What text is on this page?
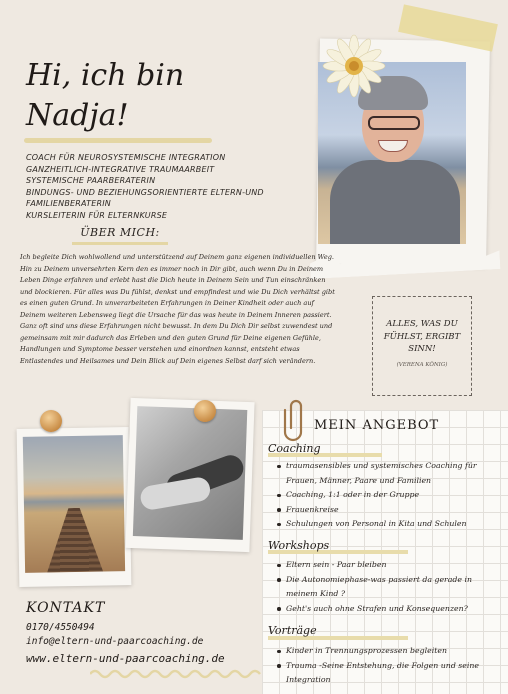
Hi, ich bin
Nadja!
COACH FÜR NEUROSYSTEMISCHE INTEGRATION
GANZHEITLICH-INTEGRATIVE TRAUMAARBEIT
SYSTEMISCHE PAARBERATERIN
BINDUNGS- UND BEZIEHUNGSORIENTIERTE ELTERN-UND FAMILIENBERATERIN
KURSLEITERIN FÜR ELTERNKURSE
ÜBER MICH:
Ich begleite Dich wohlwollend und unterstützend auf Deinem ganz eigenen individuellen Weg. Hin zu Deinem unversehrten Kern den es immer noch in Dir gibt, auch wenn Du in Deinem Leben Dinge erfahren und erlebt hast die Dich heute in Deinem Sein und Tun einschränken und blockieren. Für alles was Du fühlst, denkst und empfindest und wie Du Dich verhältst gibt es einen guten Grund. In unverarbeiteten Erfahrungen in Deiner Kindheit oder auch auf Deinem weiteren Lebensweg liegt die Ursache für das was heute in Deinem Inneren passiert. Ganz oft sind uns diese Erfahrungen nicht bewusst. In dem Du Dich Dir selbst zuwendest und gemeinsam mit mir dadurch das Erleben und den guten Grund für Deine eigenen Gefühle, Handlungen und Symptome besser verstehen und einordnen kannst, entsteht etwas Entlastendes und Heilsames und Dein Blick auf Dein eigenes Selbst darf sich verändern.
ALLES, WAS DU FÜHLST, ERGIBT SINN!
(VERENA KÖNIG)
KONTAKT
0170/4550494
info@eltern-und-paarcoaching.de
www.eltern-und-paarcoaching.de
MEIN ANGEBOT
Coaching
traumasensibles und systemisches Coaching für Frauen, Männer, Paare und Familien
Coaching, 1:1 oder in der Gruppe
Frauenkreise
Schulungen von Personal in Kita und Schulen
Workshops
Eltern sein - Paar bleiben
Die Autonomiephase-was passiert da gerade in meinem Kind ?
Geht's auch ohne Strafen und Konsequenzen?
Vorträge
Kinder in Trennungsprozessen begleiten
Trauma -Seine Entstehung, die Folgen und seine Integration
